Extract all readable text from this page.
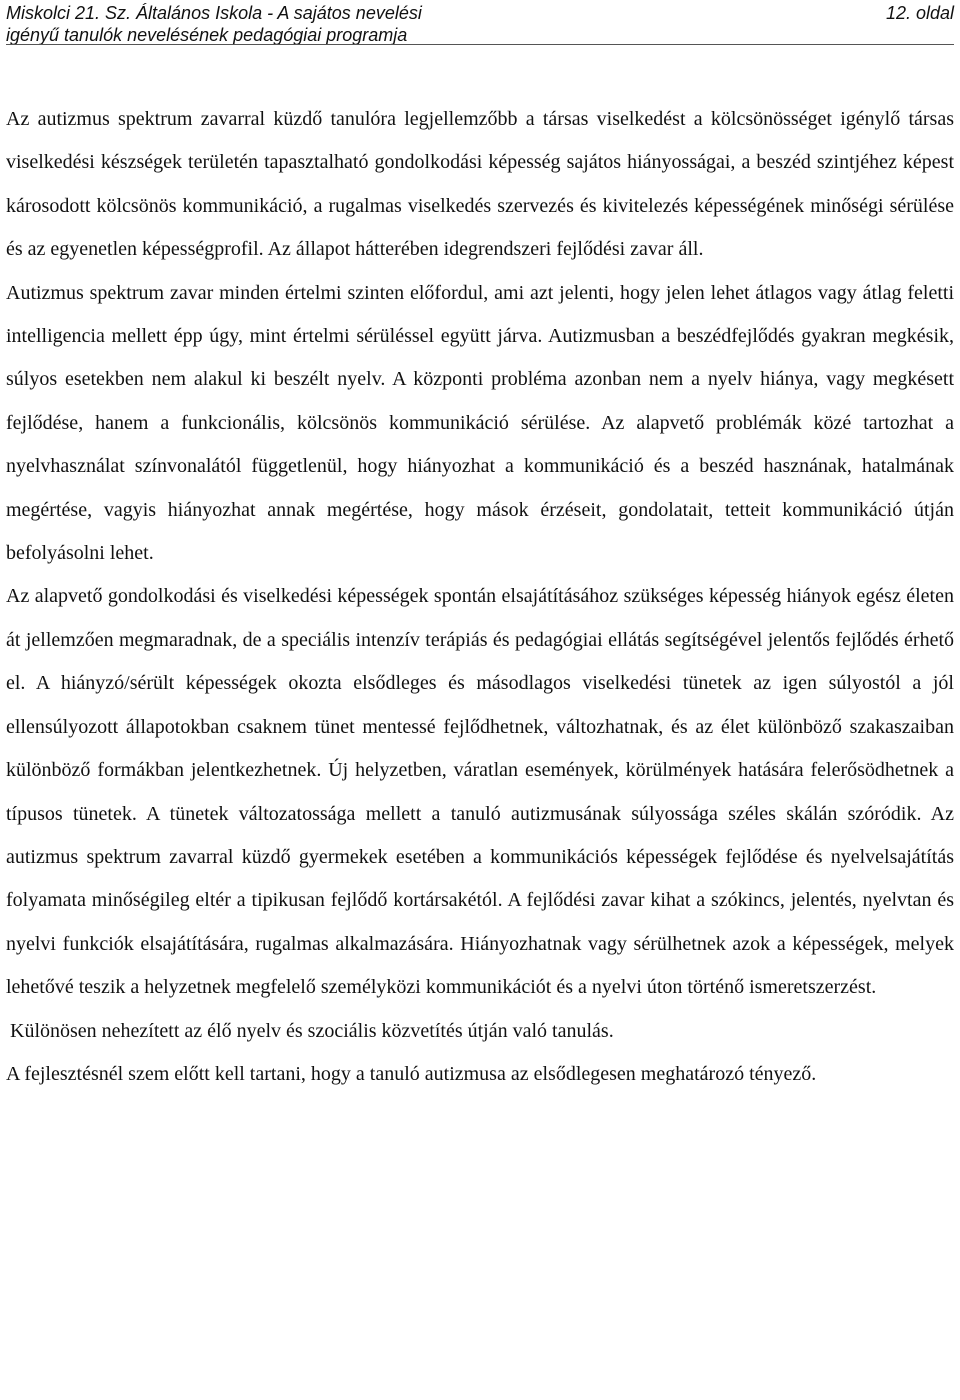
Miskolci 21. Sz. Általános Iskola - A sajátos nevelési
igényű tanulók nevelésének pedagógiai programja
12. oldal

Az autizmus spektrum zavarral küzdő tanulóra legjellemzőbb a társas viselkedést a kölcsönösséget igénylő társas viselkedési készségek területén tapasztalható gondolkodási képesség sajátos hiányosságai, a beszéd szintjéhez képest károsodott kölcsönös kommunikáció, a rugalmas viselkedés szervezés és kivitelezés képességének minőségi sérülése és az egyenetlen képességprofil. Az állapot hátterében idegrendszeri fejlődési zavar áll.

Autizmus spektrum zavar minden értelmi szinten előfordul, ami azt jelenti, hogy jelen lehet átlagos vagy átlag feletti intelligencia mellett épp úgy, mint értelmi sérüléssel együtt járva. Autizmusban a beszédfejlődés gyakran megkésik, súlyos esetekben nem alakul ki beszélt nyelv. A központi probléma azonban nem a nyelv hiánya, vagy megkésett fejlődése, hanem a funkcionális, kölcsönös kommunikáció sérülése. Az alapvető problémák közé tartozhat a nyelvhasználat színvonalától függetlenül, hogy hiányozhat a kommunikáció és a beszéd hasznának, hatalmának megértése, vagyis hiányozhat annak megértése, hogy mások érzéseit, gondolatait, tetteit kommunikáció útján befolyásolni lehet.

Az alapvető gondolkodási és viselkedési képességek spontán elsajátításához szükséges képesség hiányok egész életen át jellemzően megmaradnak, de a speciális intenzív terápiás és pedagógiai ellátás segítségével jelentős fejlődés érhető el. A hiányzó/sérült képességek okozta elsődleges és másodlagos viselkedési tünetek az igen súlyostól a jól ellensúlyozott állapotokban csaknem tünet mentessé fejlődhetnek, változhatnak, és az élet különböző szakaszaiban különböző formákban jelentkezhetnek. Új helyzetben, váratlan események, körülmények hatására felerősödhetnek a típusos tünetek. A tünetek változatossága mellett a tanuló autizmusának súlyossága széles skálán szóródik. Az autizmus spektrum zavarral küzdő gyermekek esetében a kommunikációs képességek fejlődése és nyelvelsajátítás folyamata minőségileg eltér a tipikusan fejlődő kortársakétól. A fejlődési zavar kihat a szókincs, jelentés, nyelvtan és nyelvi funkciók elsajátítására, rugalmas alkalmazására. Hiányozhatnak vagy sérülhetnek azok a képességek, melyek lehetővé teszik a helyzetnek megfelelő személyközi kommunikációt és a nyelvi úton történő ismeretszerzést.

Különösen nehezített az élő nyelv és szociális közvetítés útján való tanulás.

A fejlesztésnél szem előtt kell tartani, hogy a tanuló autizmusa az elsődlegesen meghatározó tényező.
